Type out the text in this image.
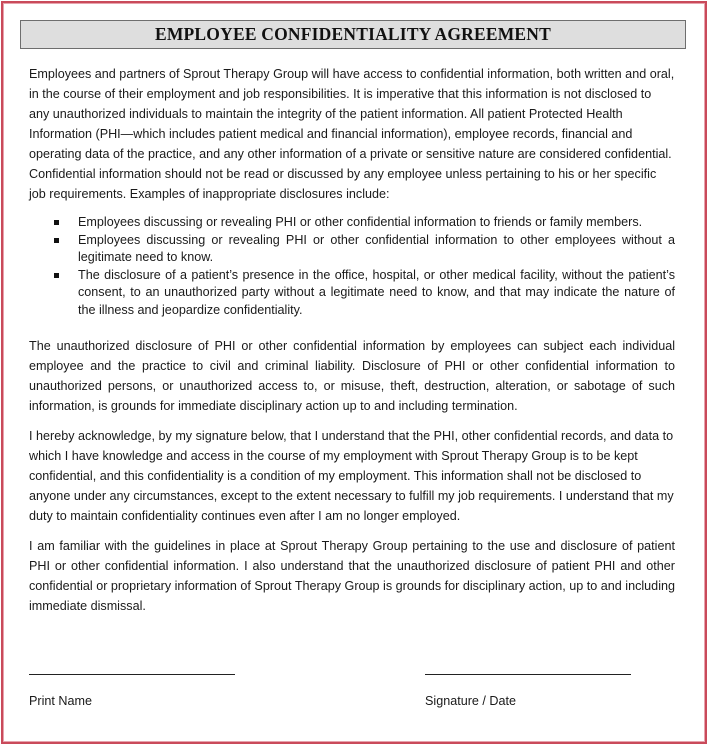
EMPLOYEE CONFIDENTIALITY AGREEMENT

Employees and partners of Sprout Therapy Group will have access to confidential information, both written and oral, in the course of their employment and job responsibilities. It is imperative that this information is not disclosed to any unauthorized individuals to maintain the integrity of the patient information. All patient Protected Health Information (PHI—which includes patient medical and financial information), employee records, financial and operating data of the practice, and any other information of a private or sensitive nature are considered confidential. Confidential information should not be read or discussed by any employee unless pertaining to his or her specific job requirements. Examples of inappropriate disclosures include:

Employees discussing or revealing PHI or other confidential information to friends or family members.
Employees discussing or revealing PHI or other confidential information to other employees without a legitimate need to know.
The disclosure of a patient’s presence in the office, hospital, or other medical facility, without the patient’s consent, to an unauthorized party without a legitimate need to know, and that may indicate the nature of the illness and jeopardize confidentiality.

The unauthorized disclosure of PHI or other confidential information by employees can subject each individual employee and the practice to civil and criminal liability. Disclosure of PHI or other confidential information to unauthorized persons, or unauthorized access to, or misuse, theft, destruction, alteration, or sabotage of such information, is grounds for immediate disciplinary action up to and including termination.

I hereby acknowledge, by my signature below, that I understand that the PHI, other confidential records, and data to which I have knowledge and access in the course of my employment with Sprout Therapy Group is to be kept confidential, and this confidentiality is a condition of my employment. This information shall not be disclosed to anyone under any circumstances, except to the extent necessary to fulfill my job requirements. I understand that my duty to maintain confidentiality continues even after I am no longer employed.

I am familiar with the guidelines in place at Sprout Therapy Group pertaining to the use and disclosure of patient PHI or other confidential information. I also understand that the unauthorized disclosure of patient PHI and other confidential or proprietary information of Sprout Therapy Group is grounds for disciplinary action, up to and including immediate dismissal.

Print Name	Signature / Date
